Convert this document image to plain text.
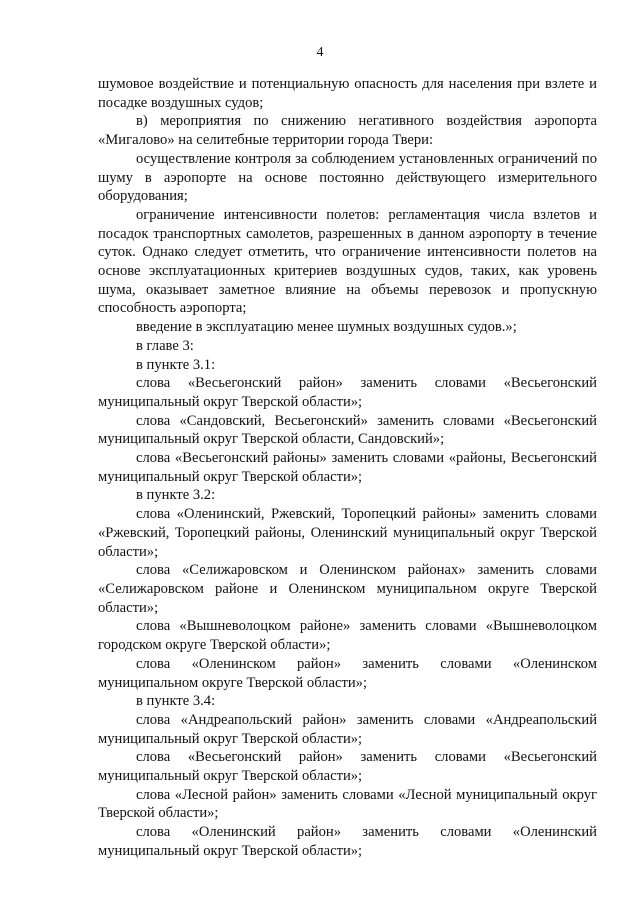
4

шумовое воздействие и потенциальную опасность для населения при взлете и посадке воздушных судов;

в) мероприятия по снижению негативного воздействия аэропорта «Мигалово» на селитебные территории города Твери:

осуществление контроля за соблюдением установленных ограничений по шуму в аэропорте на основе постоянно действующего измерительного оборудования;

ограничение интенсивности полетов: регламентация числа взлетов и посадок транспортных самолетов, разрешенных в данном аэропорту в течение суток. Однако следует отметить, что ограничение интенсивности полетов на основе эксплуатационных критериев воздушных судов, таких, как уровень шума, оказывает заметное влияние на объемы перевозок и пропускную способность аэропорта;

введение в эксплуатацию менее шумных воздушных судов.»;

в главе 3:

в пункте 3.1:

слова «Весьегонский район» заменить словами «Весьегонский муниципальный округ Тверской области»;

слова «Сандовский, Весьегонский» заменить словами «Весьегонский муниципальный округ Тверской области, Сандовский»;

слова «Весьегонский районы» заменить словами «районы, Весьегонский муниципальный округ Тверской области»;

в пункте 3.2:

слова «Оленинский, Ржевский, Торопецкий районы» заменить словами «Ржевский, Торопецкий районы, Оленинский муниципальный округ Тверской области»;

слова «Селижаровском и Оленинском районах» заменить словами «Селижаровском районе и Оленинском муниципальном округе Тверской области»;

слова «Вышневолоцком районе» заменить словами «Вышневолоцком городском округе Тверской области»;

слова «Оленинском район» заменить словами «Оленинском муниципальном округе Тверской области»;

в пункте 3.4:

слова «Андреапольский район» заменить словами «Андреапольский муниципальный округ Тверской области»;

слова «Весьегонский район» заменить словами «Весьегонский муниципальный округ Тверской области»;

слова «Лесной район» заменить словами «Лесной муниципальный округ Тверской области»;

слова «Оленинский район» заменить словами «Оленинский муниципальный округ Тверской области»;
